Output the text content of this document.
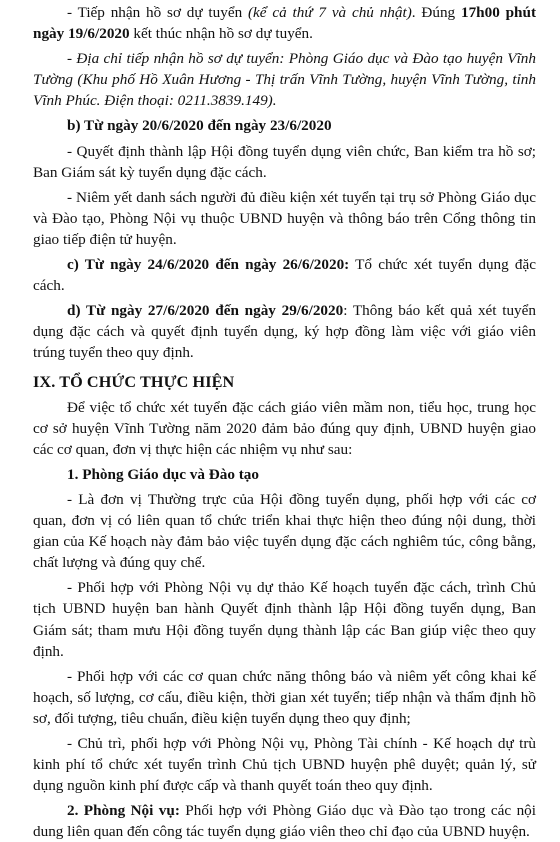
- Tiếp nhận hồ sơ dự tuyển (kể cả thứ 7 và chủ nhật). Đúng 17h00 phút ngày 19/6/2020 kết thúc nhận hồ sơ dự tuyển.

- Địa chỉ tiếp nhận hồ sơ dự tuyển: Phòng Giáo dục và Đào tạo huyện Vĩnh Tường (Khu phố Hồ Xuân Hương - Thị trấn Vĩnh Tường, huyện Vĩnh Tường, tỉnh Vĩnh Phúc. Điện thoại: 0211.3839.149).

b) Từ ngày 20/6/2020 đến ngày 23/6/2020

- Quyết định thành lập Hội đồng tuyển dụng viên chức, Ban kiểm tra hồ sơ; Ban Giám sát kỳ tuyển dụng đặc cách.

- Niêm yết danh sách người đủ điều kiện xét tuyển tại trụ sở Phòng Giáo dục và Đào tạo, Phòng Nội vụ thuộc UBND huyện và thông báo trên Cổng thông tin giao tiếp điện tử huyện.

c) Từ ngày 24/6/2020 đến ngày 26/6/2020: Tổ chức xét tuyển dụng đặc cách.

d) Từ ngày 27/6/2020 đến ngày 29/6/2020: Thông báo kết quả xét tuyển dụng đặc cách và quyết định tuyển dụng, ký hợp đồng làm việc với giáo viên trúng tuyển theo quy định.

IX. TỔ CHỨC THỰC HIỆN

Để việc tổ chức xét tuyển đặc cách giáo viên mầm non, tiểu học, trung học cơ sở huyện Vĩnh Tường năm 2020 đảm bảo đúng quy định, UBND huyện giao các cơ quan, đơn vị thực hiện các nhiệm vụ như sau:

1. Phòng Giáo dục và Đào tạo

- Là đơn vị Thường trực của Hội đồng tuyển dụng, phối hợp với các cơ quan, đơn vị có liên quan tổ chức triển khai thực hiện theo đúng nội dung, thời gian của Kế hoạch này đảm bảo việc tuyển dụng đặc cách nghiêm túc, công bằng, chất lượng và đúng quy chế.

- Phối hợp với Phòng Nội vụ dự thảo Kế hoạch tuyển đặc cách, trình Chủ tịch UBND huyện ban hành Quyết định thành lập Hội đồng tuyển dụng, Ban Giám sát; tham mưu Hội đồng tuyển dụng thành lập các Ban giúp việc theo quy định.

- Phối hợp với các cơ quan chức năng thông báo và niêm yết công khai kế hoạch, số lượng, cơ cấu, điều kiện, thời gian xét tuyển; tiếp nhận và thẩm định hồ sơ, đối tượng, tiêu chuẩn, điều kiện tuyển dụng theo quy định;

- Chủ trì, phối hợp với Phòng Nội vụ, Phòng Tài chính - Kế hoạch dự trù kinh phí tổ chức xét tuyển trình Chủ tịch UBND huyện phê duyệt; quản lý, sử dụng nguồn kinh phí được cấp và thanh quyết toán theo quy định.

2. Phòng Nội vụ: Phối hợp với Phòng Giáo dục và Đào tạo trong các nội dung liên quan đến công tác tuyển dụng giáo viên theo chỉ đạo của UBND huyện.
